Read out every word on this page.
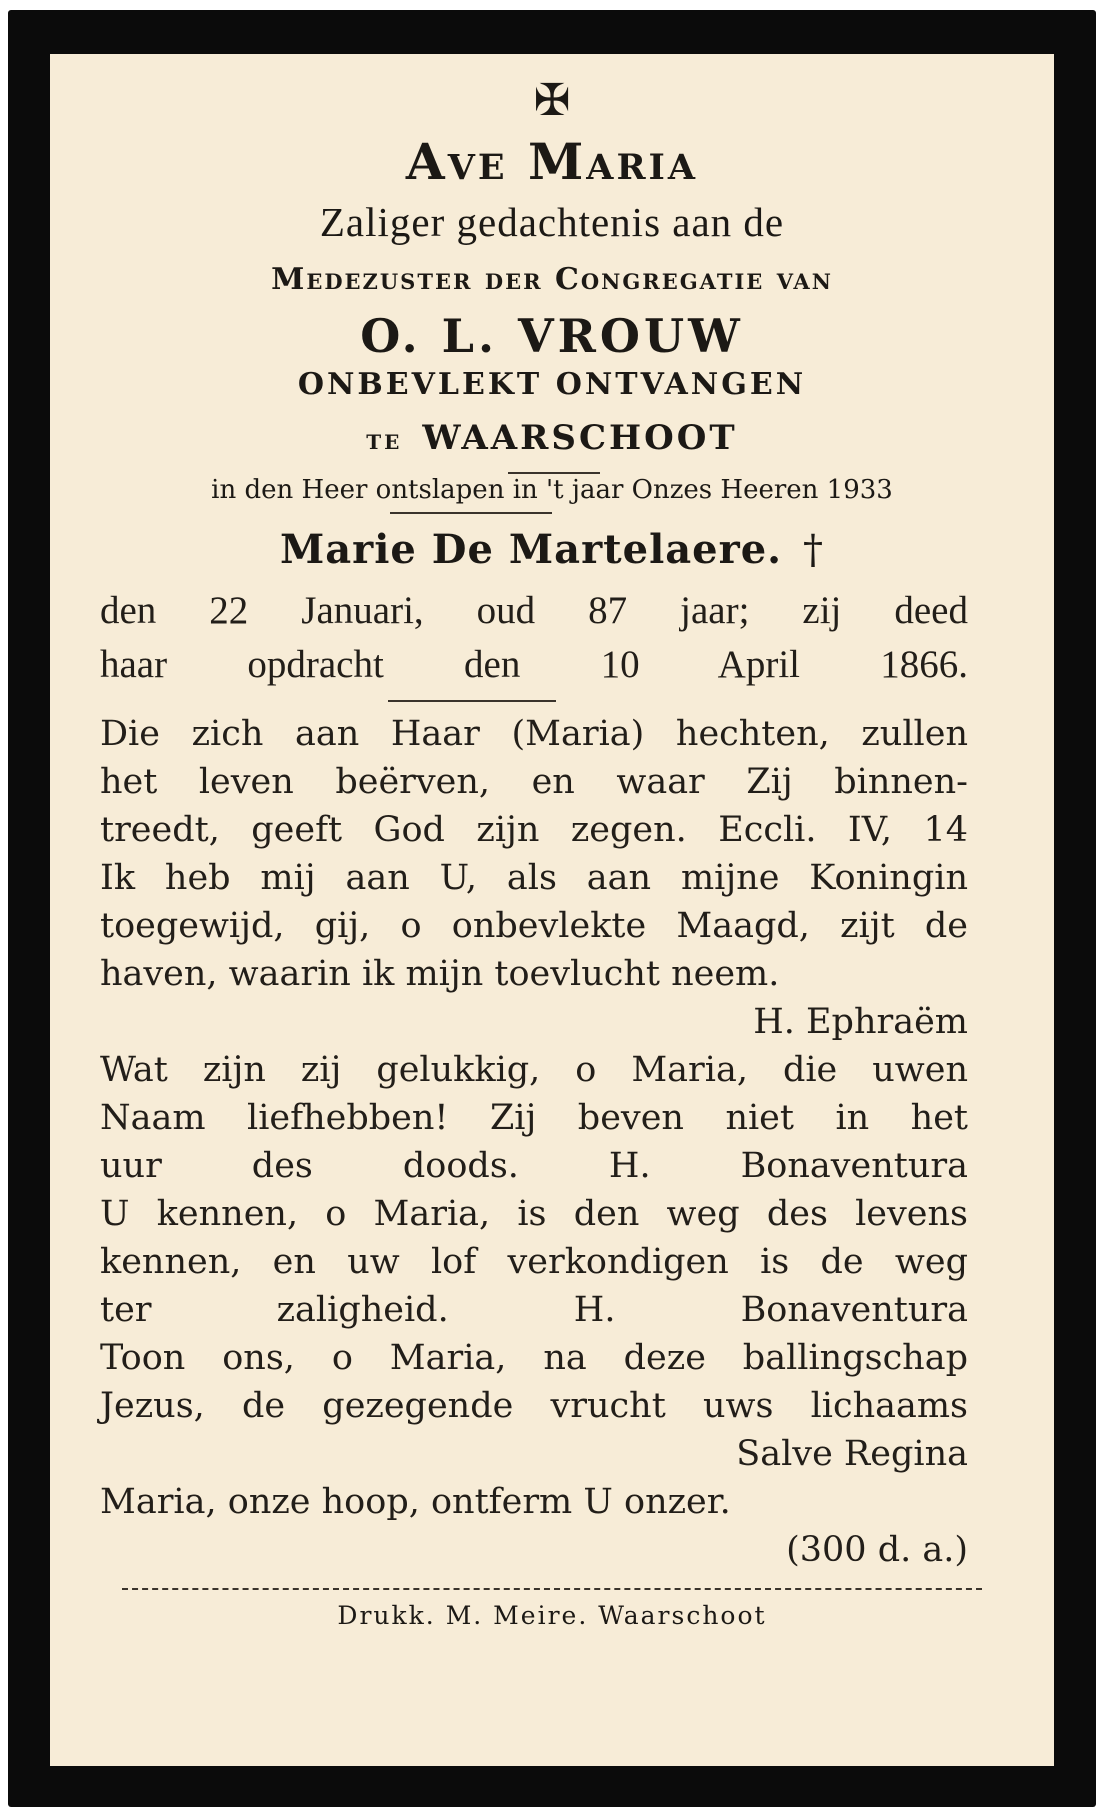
✠
Ave Maria
Zaliger gedachtenis aan de
Medezuster der Congregatie van
O. L. VROUW
ONBEVLEKT ONTVANGEN
TE WAARSCHOOT
in den Heer ontslapen in 't jaar Onzes Heeren 1933
Marie De Martelaere. †
den 22 Januari, oud 87 jaar; zij deed
haar opdracht den 10 April 1866.
Die zich aan Haar (Maria) hechten, zullen
het leven beërven, en waar Zij binnen-
treedt, geeft God zijn zegen. Eccli. IV, 14
Ik heb mij aan U, als aan mijne Koningin
toegewijd, gij, o onbevlekte Maagd, zijt de
haven, waarin ik mijn toevlucht neem.
H. Ephraëm
Wat zijn zij gelukkig, o Maria, die uwen
Naam liefhebben! Zij beven niet in het
uur des doods. H. Bonaventura
U kennen, o Maria, is den weg des levens
kennen, en uw lof verkondigen is de weg
ter zaligheid. H. Bonaventura
Toon ons, o Maria, na deze ballingschap
Jezus, de gezegende vrucht uws lichaams
Salve Regina
Maria, onze hoop, ontferm U onzer.
(300 d. a.)
Drukk. M. Meire. Waarschoot
